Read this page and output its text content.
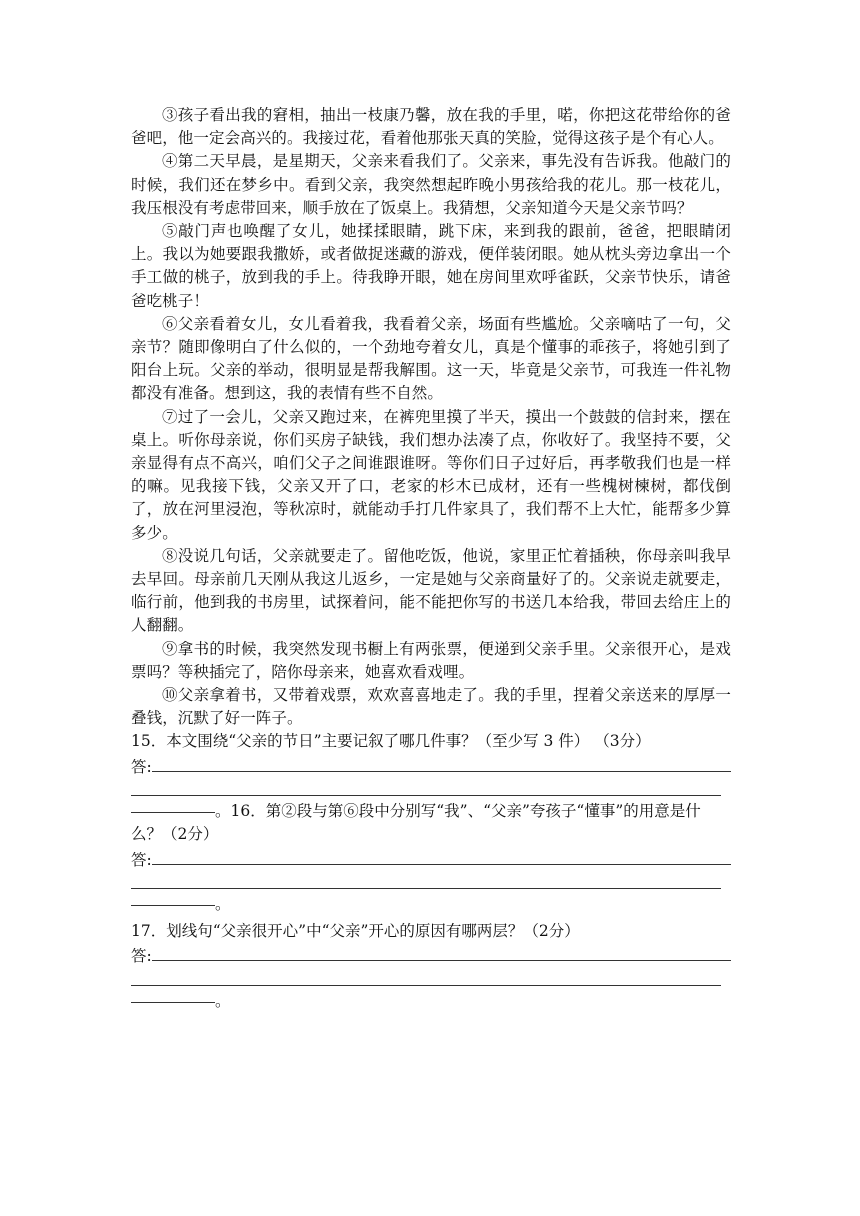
③孩子看出我的窘相，抽出一枝康乃馨，放在我的手里，喏，你把这花带给你的爸爸吧，他一定会高兴的。我接过花，看着他那张天真的笑脸，觉得这孩子是个有心人。

④第二天早晨，是星期天，父亲来看我们了。父亲来，事先没有告诉我。他敲门的时候，我们还在梦乡中。看到父亲，我突然想起昨晚小男孩给我的花儿。那一枝花儿，我压根没有考虑带回来，顺手放在了饭桌上。我猜想，父亲知道今天是父亲节吗？

⑤敲门声也唤醒了女儿，她揉揉眼睛，跳下床，来到我的跟前，爸爸，把眼睛闭上。我以为她要跟我撒娇，或者做捉迷藏的游戏，便佯装闭眼。她从枕头旁边拿出一个手工做的桃子，放到我的手上。待我睁开眼，她在房间里欢呼雀跃，父亲节快乐，请爸爸吃桃子！

⑥父亲看着女儿，女儿看着我，我看着父亲，场面有些尴尬。父亲嘀咕了一句，父亲节？随即像明白了什么似的，一个劲地夸着女儿，真是个懂事的乖孩子，将她引到了阳台上玩。父亲的举动，很明显是帮我解围。这一天，毕竟是父亲节，可我连一件礼物都没有准备。想到这，我的表情有些不自然。

⑦过了一会儿，父亲又跑过来，在裤兜里摸了半天，摸出一个鼓鼓的信封来，摆在桌上。听你母亲说，你们买房子缺钱，我们想办法凑了点，你收好了。我坚持不要，父亲显得有点不高兴，咱们父子之间谁跟谁呀。等你们日子过好后，再孝敬我们也是一样的嘛。见我接下钱，父亲又开了口，老家的杉木已成材，还有一些槐树楝树，都伐倒了，放在河里浸泡，等秋凉时，就能动手打几件家具了，我们帮不上大忙，能帮多少算多少。

⑧没说几句话，父亲就要走了。留他吃饭，他说，家里正忙着插秧，你母亲叫我早去早回。母亲前几天刚从我这儿返乡，一定是她与父亲商量好了的。父亲说走就要走，临行前，他到我的书房里，试探着问，能不能把你写的书送几本给我，带回去给庄上的人翻翻。

⑨拿书的时候，我突然发现书橱上有两张票，便递到父亲手里。父亲很开心，是戏票吗？等秧插完了，陪你母亲来，她喜欢看戏哩。

⑩父亲拿着书，又带着戏票，欢欢喜喜地走了。我的手里，捏着父亲送来的厚厚一叠钱，沉默了好一阵子。

15．本文围绕“父亲的节日”主要记叙了哪几件事？（至少写 3 件） （3分）

答:

。16．第②段与第⑥段中分别写“我”、“父亲”夸孩子“懂事”的用意是什么？（2分）

答:

。

17．划线句“父亲很开心”中“父亲”开心的原因有哪两层？（2分）

答:

。
